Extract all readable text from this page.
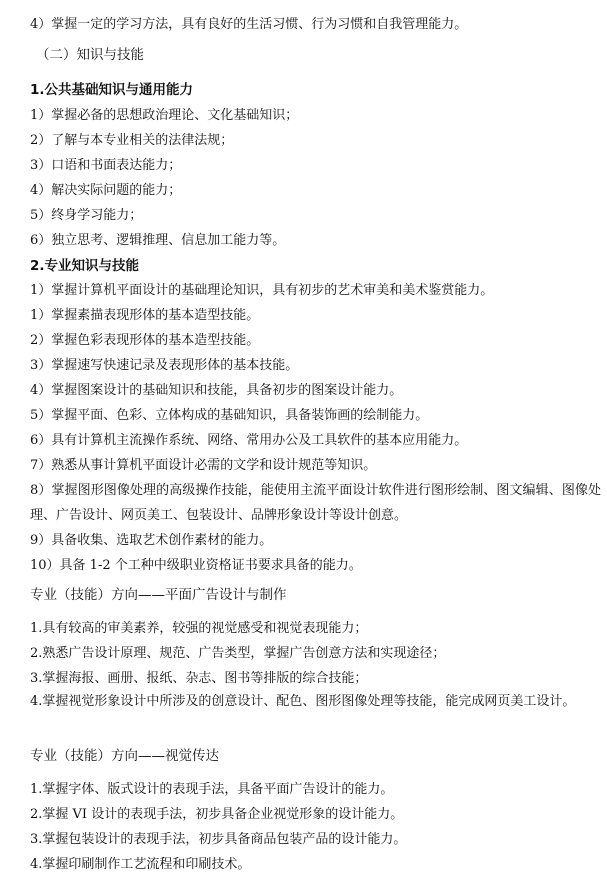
4）掌握一定的学习方法，具有良好的生活习惯、行为习惯和自我管理能力。
（二）知识与技能
1.公共基础知识与通用能力
1）掌握必备的思想政治理论、文化基础知识；
2）了解与本专业相关的法律法规；
3）口语和书面表达能力；
4）解决实际问题的能力；
5）终身学习能力；
6）独立思考、逻辑推理、信息加工能力等。
2.专业知识与技能
1）掌握计算机平面设计的基础理论知识，具有初步的艺术审美和美术鉴赏能力。
1）掌握素描表现形体的基本造型技能。
2）掌握色彩表现形体的基本造型技能。
3）掌握速写快速记录及表现形体的基本技能。
4）掌握图案设计的基础知识和技能，具备初步的图案设计能力。
5）掌握平面、色彩、立体构成的基础知识，具备装饰画的绘制能力。
6）具有计算机主流操作系统、网络、常用办公及工具软件的基本应用能力。
7）熟悉从事计算机平面设计必需的文学和设计规范等知识。
8）掌握图形图像处理的高级操作技能，能使用主流平面设计软件进行图形绘制、图文编辑、图像处理、广告设计、网页美工、包装设计、品牌形象设计等设计创意。
9）具备收集、选取艺术创作素材的能力。
10）具备 1-2 个工种中级职业资格证书要求具备的能力。
专业（技能）方向——平面广告设计与制作
1.具有较高的审美素养，较强的视觉感受和视觉表现能力；
2.熟悉广告设计原理、规范、广告类型，掌握广告创意方法和实现途径；
3.掌握海报、画册、报纸、杂志、图书等排版的综合技能；
4.掌握视觉形象设计中所涉及的创意设计、配色、图形图像处理等技能，能完成网页美工设计。
专业（技能）方向——视觉传达
1.掌握字体、版式设计的表现手法，具备平面广告设计的能力。
2.掌握 VI 设计的表现手法，初步具备企业视觉形象的设计能力。
3.掌握包装设计的表现手法，初步具备商品包装产品的设计能力。
4.掌握印刷制作工艺流程和印刷技术。
